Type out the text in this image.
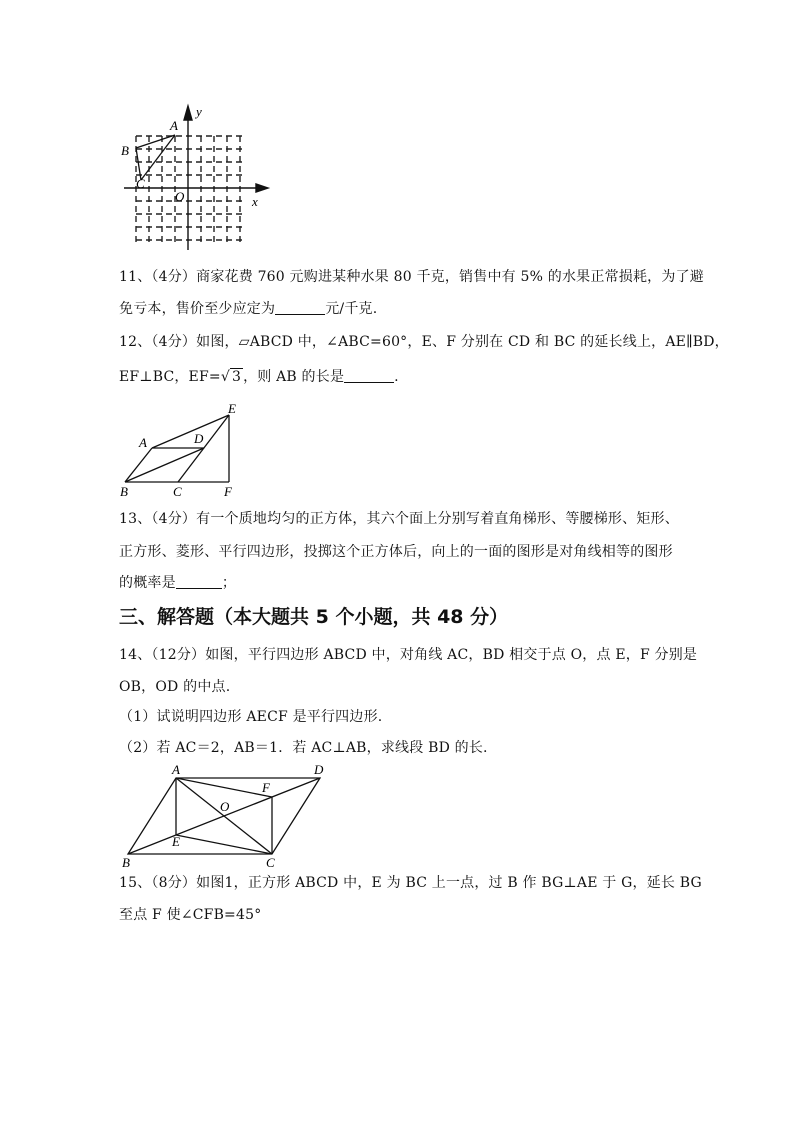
y
A
B
C
O	x
11、（4分）商家花费 760 元购进某种水果 80 千克，销售中有 5% 的水果正常损耗，为了避
免亏本，售价至少应定为	元/千克.
12、（4分）如图，▱ABCD 中，∠ABC=60°，E、F 分别在 CD 和 BC 的延长线上，AE∥BD，
EF⊥BC，EF=√ 3 ，则 AB 的长是	.
A	D
E
B	C	F
13、（4分）有一个质地均匀的正方体，其六个面上分别写着直角梯形、等腰梯形、矩形、
正方形、菱形、平行四边形，投掷这个正方体后，向上的一面的图形是对角线相等的图形
的概率是	；
三、解答题（本大题共 5 个小题，共 48 分）
14、（12分）如图，平行四边形 ABCD 中，对角线 AC，BD 相交于点 O，点 E，F 分别是
OB，OD 的中点.
（1）试说明四边形 AECF 是平行四边形.
（2）若 AC＝2，AB＝1．若 AC⊥AB，求线段 BD 的长.
A	D
F
O
E
B	C
15、（8分）如图1，正方形 ABCD 中，E 为 BC 上一点，过 B 作 BG⊥AE 于 G，延长 BG
至点 F 使∠CFB=45°
